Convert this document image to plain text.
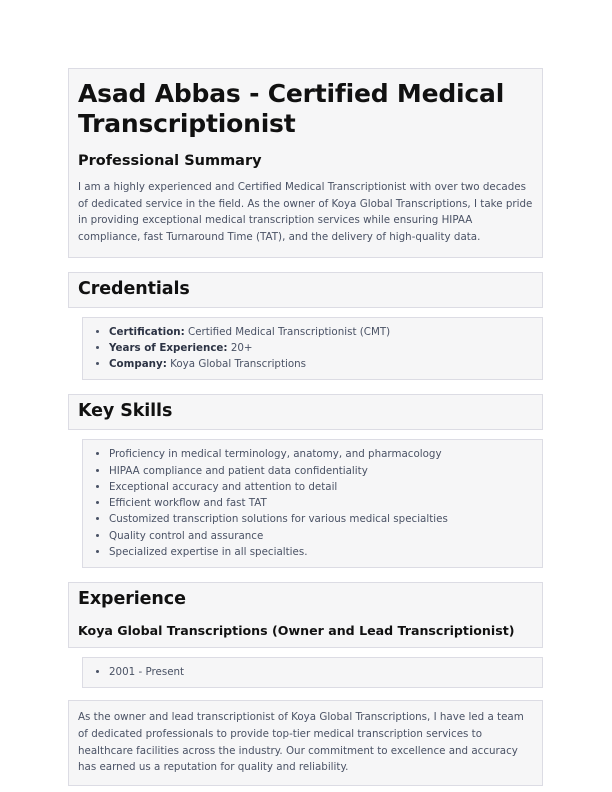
Asad Abbas - Certified Medical Transcriptionist
Professional Summary

I am a highly experienced and Certified Medical Transcriptionist with over two decades of dedicated service in the field. As the owner of Koya Global Transcriptions, I take pride in providing exceptional medical transcription services while ensuring HIPAA compliance, fast Turnaround Time (TAT), and the delivery of high-quality data.

Credentials
Certification: Certified Medical Transcriptionist (CMT)
Years of Experience: 20+
Company: Koya Global Transcriptions
Key Skills
Proficiency in medical terminology, anatomy, and pharmacology
HIPAA compliance and patient data confidentiality
Exceptional accuracy and attention to detail
Efficient workflow and fast TAT
Customized transcription solutions for various medical specialties
Quality control and assurance
Specialized expertise in all specialties.
Experience
Koya Global Transcriptions (Owner and Lead Transcriptionist)
2001 - Present

As the owner and lead transcriptionist of Koya Global Transcriptions, I have led a team of dedicated professionals to provide top-tier medical transcription services to healthcare facilities across the industry. Our commitment to excellence and accuracy has earned us a reputation for quality and reliability.
